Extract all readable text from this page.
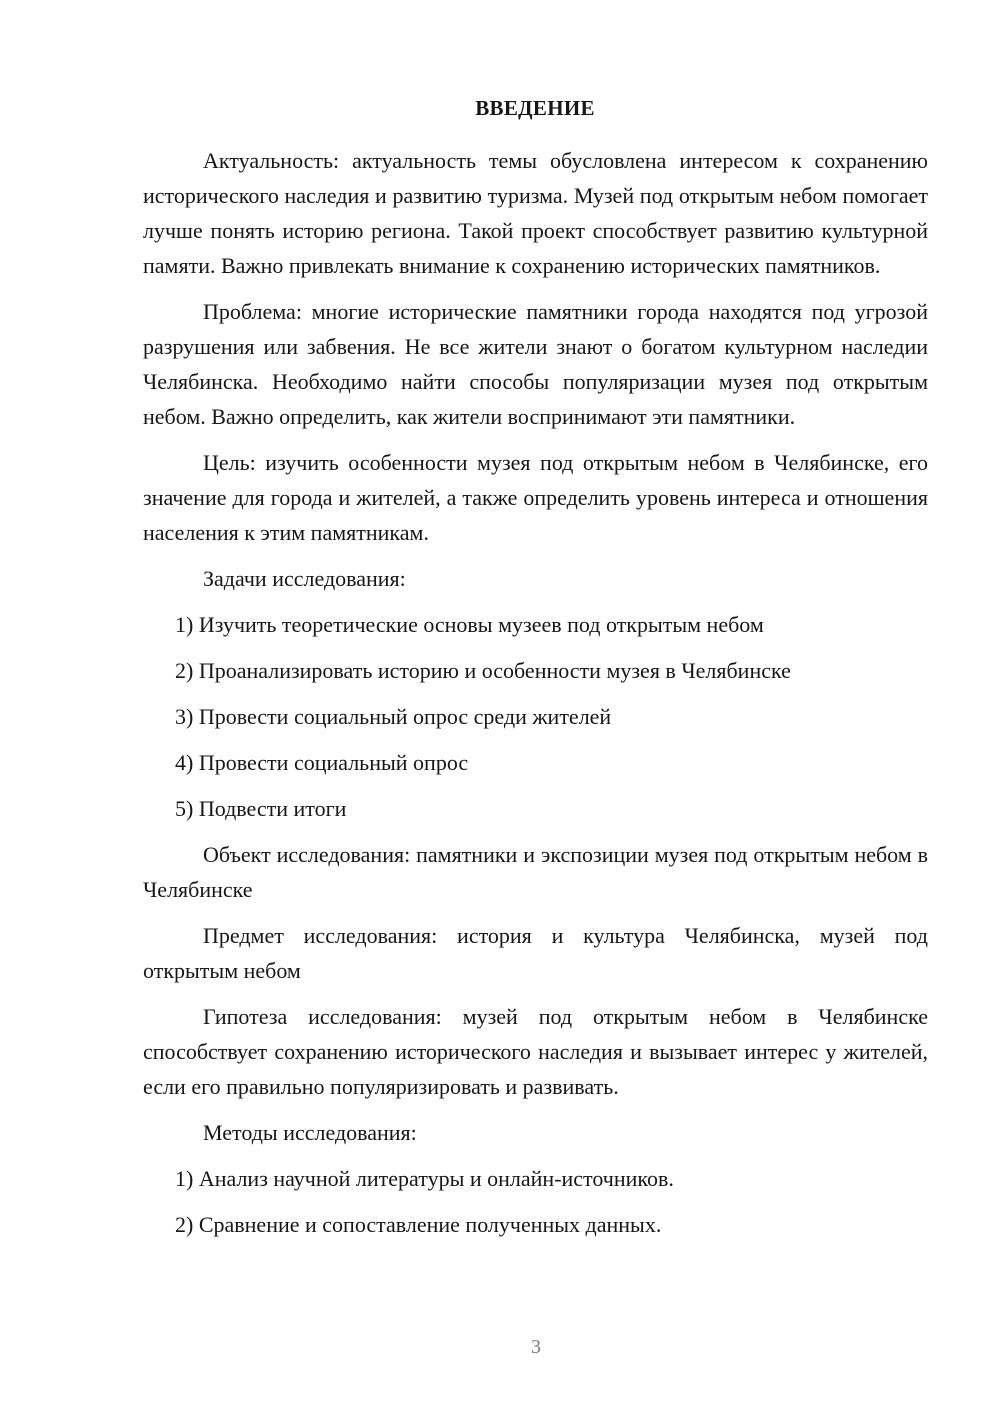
ВВЕДЕНИЕ

Актуальность: актуальность темы обусловлена интересом к сохранению исторического наследия и развитию туризма. Музей под открытым небом помогает лучше понять историю региона. Такой проект способствует развитию культурной памяти. Важно привлекать внимание к сохранению исторических памятников.

Проблема: многие исторические памятники города находятся под угрозой разрушения или забвения. Не все жители знают о богатом культурном наследии Челябинска. Необходимо найти способы популяризации музея под открытым небом. Важно определить, как жители воспринимают эти памятники.

Цель: изучить особенности музея под открытым небом в Челябинске, его значение для города и жителей, а также определить уровень интереса и отношения населения к этим памятникам.

Задачи исследования:

1) Изучить теоретические основы музеев под открытым небом
2) Проанализировать историю и особенности музея в Челябинске
3) Провести социальный опрос среди жителей
4) Провести социальный опрос
5) Подвести итоги

Объект исследования: памятники и экспозиции музея под открытым небом в Челябинске

Предмет исследования: история и культура Челябинска, музей под открытым небом

Гипотеза исследования: музей под открытым небом в Челябинске способствует сохранению исторического наследия и вызывает интерес у жителей, если его правильно популяризировать и развивать.

Методы исследования:

1) Анализ научной литературы и онлайн-источников.
2) Сравнение и сопоставление полученных данных.
3
